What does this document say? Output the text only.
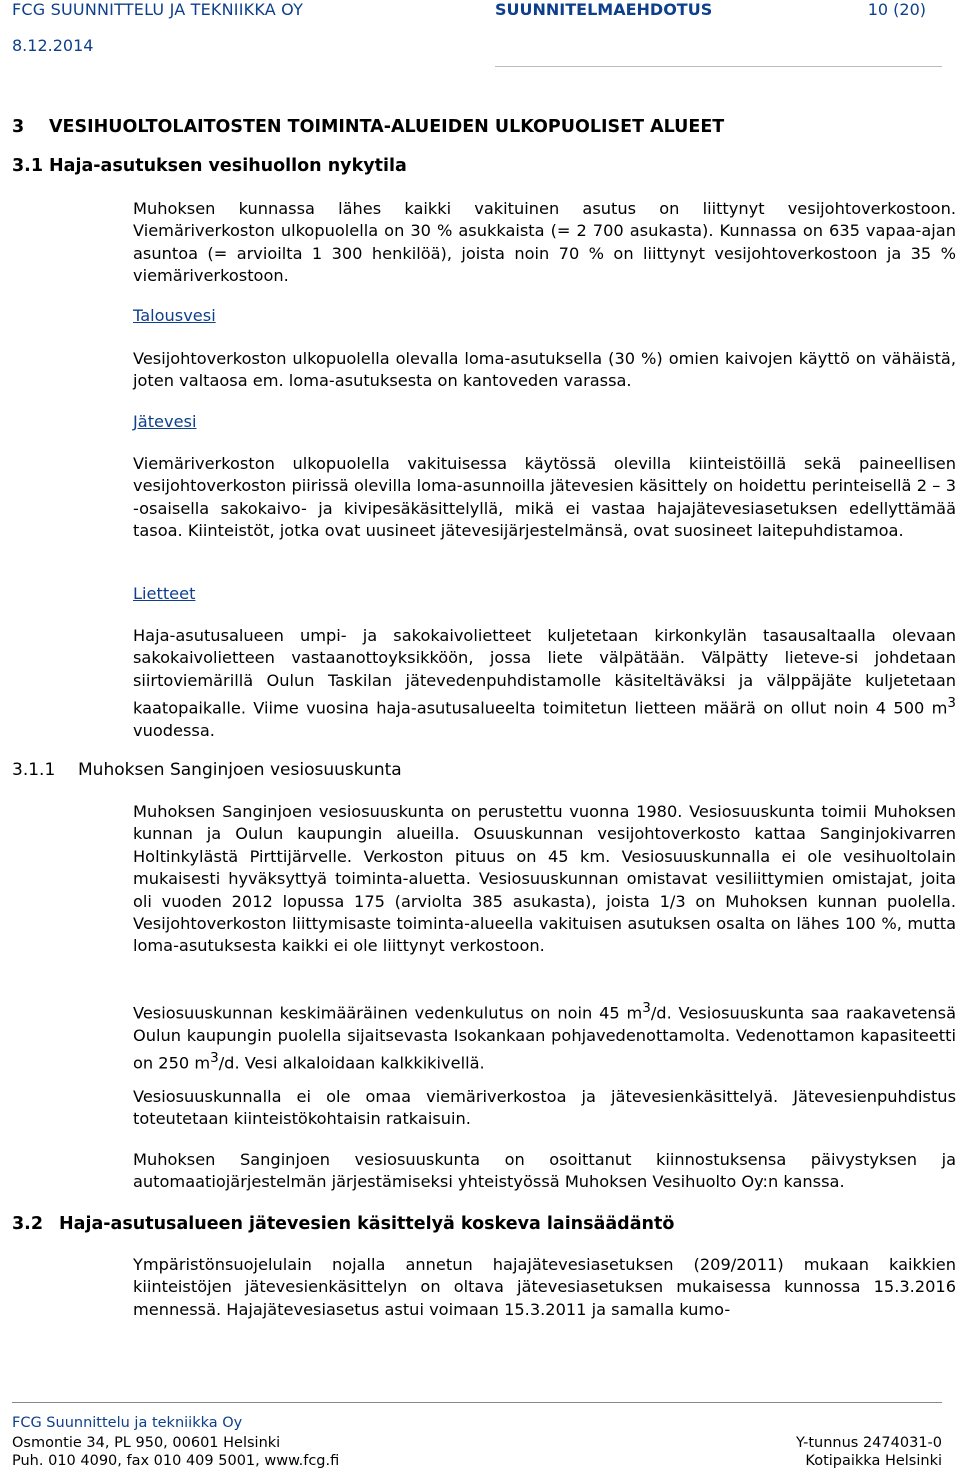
FCG SUUNNITTELU JA TEKNIIKKA OY	SUUNNITELMAEHDOTUS	10 (20)
8.12.2014
3 VESIHUOLTOLAITOSTEN TOIMINTA-ALUEIDEN ULKOPUOLISET ALUEET
3.1 Haja-asutuksen vesihuollon nykytila

Muhoksen kunnassa lähes kaikki vakituinen asutus on liittynyt vesijohtoverkostoon. Viemäriverkoston ulkopuolella on 30 % asukkaista (= 2 700 asukasta). Kunnassa on 635 vapaa-ajan asuntoa (= arvioilta 1 300 henkilöä), joista noin 70 % on liittynyt vesijohtoverkostoon ja 35 % viemäriverkostoon.

Talousvesi

Vesijohtoverkoston ulkopuolella olevalla loma-asutuksella (30 %) omien kaivojen käyttö on vähäistä, joten valtaosa em. loma-asutuksesta on kantoveden varassa.

Jätevesi

Viemäriverkoston ulkopuolella vakituisessa käytössä olevilla kiinteistöillä sekä paineellisen vesijohtoverkoston piirissä olevilla loma-asunnoilla jätevesien käsittely on hoidettu perinteisellä 2 – 3 -osaisella sakokaivo- ja kivipesäkäsittelyllä, mikä ei vastaa hajajätevesiasetuksen edellyttämää tasoa. Kiinteistöt, jotka ovat uusineet jätevesijärjestelmänsä, ovat suosineet laitepuhdistamoa.

Lietteet

Haja-asutusalueen umpi- ja sakokaivolietteet kuljetetaan kirkonkylän tasausaltaalla olevaan sakokaivolietteen vastaanottoyksikköön, jossa liete välpätään. Välpätty lieteve-si johdetaan siirtoviemärillä Oulun Taskilan jätevedenpuhdistamolle käsiteltäväksi ja välppäjäte kuljetetaan kaatopaikalle. Viime vuosina haja-asutusalueelta toimitetun lietteen määrä on ollut noin 4 500 $m^3$ vuodessa.

3.1.1 Muhoksen Sanginjoen vesiosuuskunta

Muhoksen Sanginjoen vesiosuuskunta on perustettu vuonna 1980. Vesiosuuskunta toimii Muhoksen kunnan ja Oulun kaupungin alueilla. Osuuskunnan vesijohtoverkosto kattaa Sanginjokivarren Holtinkylästä Pirttijärvelle. Verkoston pituus on 45 km. Vesiosuuskunnalla ei ole vesihuoltolain mukaisesti hyväksyttyä toiminta-aluetta. Vesiosuuskunnan omistavat vesiliittymien omistajat, joita oli vuoden 2012 lopussa 175 (arviolta 385 asukasta), joista 1/3 on Muhoksen kunnan puolella. Vesijohtoverkoston liittymisaste toiminta-alueella vakituisen asutuksen osalta on lähes 100 %, mutta loma-asutuksesta kaikki ei ole liittynyt verkostoon.

Vesiosuuskunnan keskimääräinen vedenkulutus on noin 45 $m^3/d$. Vesiosuuskunta saa raakavetensä Oulun kaupungin puolella sijaitsevasta Isokankaan pohjavedenottamolta. Vedenottamon kapasiteetti on 250 $m^3/d$. Vesi alkaloidaan kalkkikivellä.

Vesiosuuskunnalla ei ole omaa viemäriverkostoa ja jätevesienkäsittelyä. Jätevesienpuhdistus toteutetaan kiinteistökohtaisin ratkaisuin.

Muhoksen Sanginjoen vesiosuuskunta on osoittanut kiinnostuksensa päivystyksen ja automaatiojärjestelmän järjestämiseksi yhteistyössä Muhoksen Vesihuolto Oy:n kanssa.

3.2 Haja-asutusalueen jätevesien käsittelyä koskeva lainsäädäntö

Ympäristönsuojelulain nojalla annetun hajajätevesiasetuksen (209/2011) mukaan kaikkien kiinteistöjen jätevesienkäsittelyn on oltava jätevesiasetuksen mukaisessa kunnossa 15.3.2016 mennessä. Hajajätevesiasetus astui voimaan 15.3.2011 ja samalla kumo-

FCG Suunnittelu ja tekniikka Oy
Osmontie 34, PL 950, 00601 Helsinki
Puh. 010 4090, fax 010 409 5001, www.fcg.fi
Y-tunnus 2474031-0
Kotipaikka Helsinki
